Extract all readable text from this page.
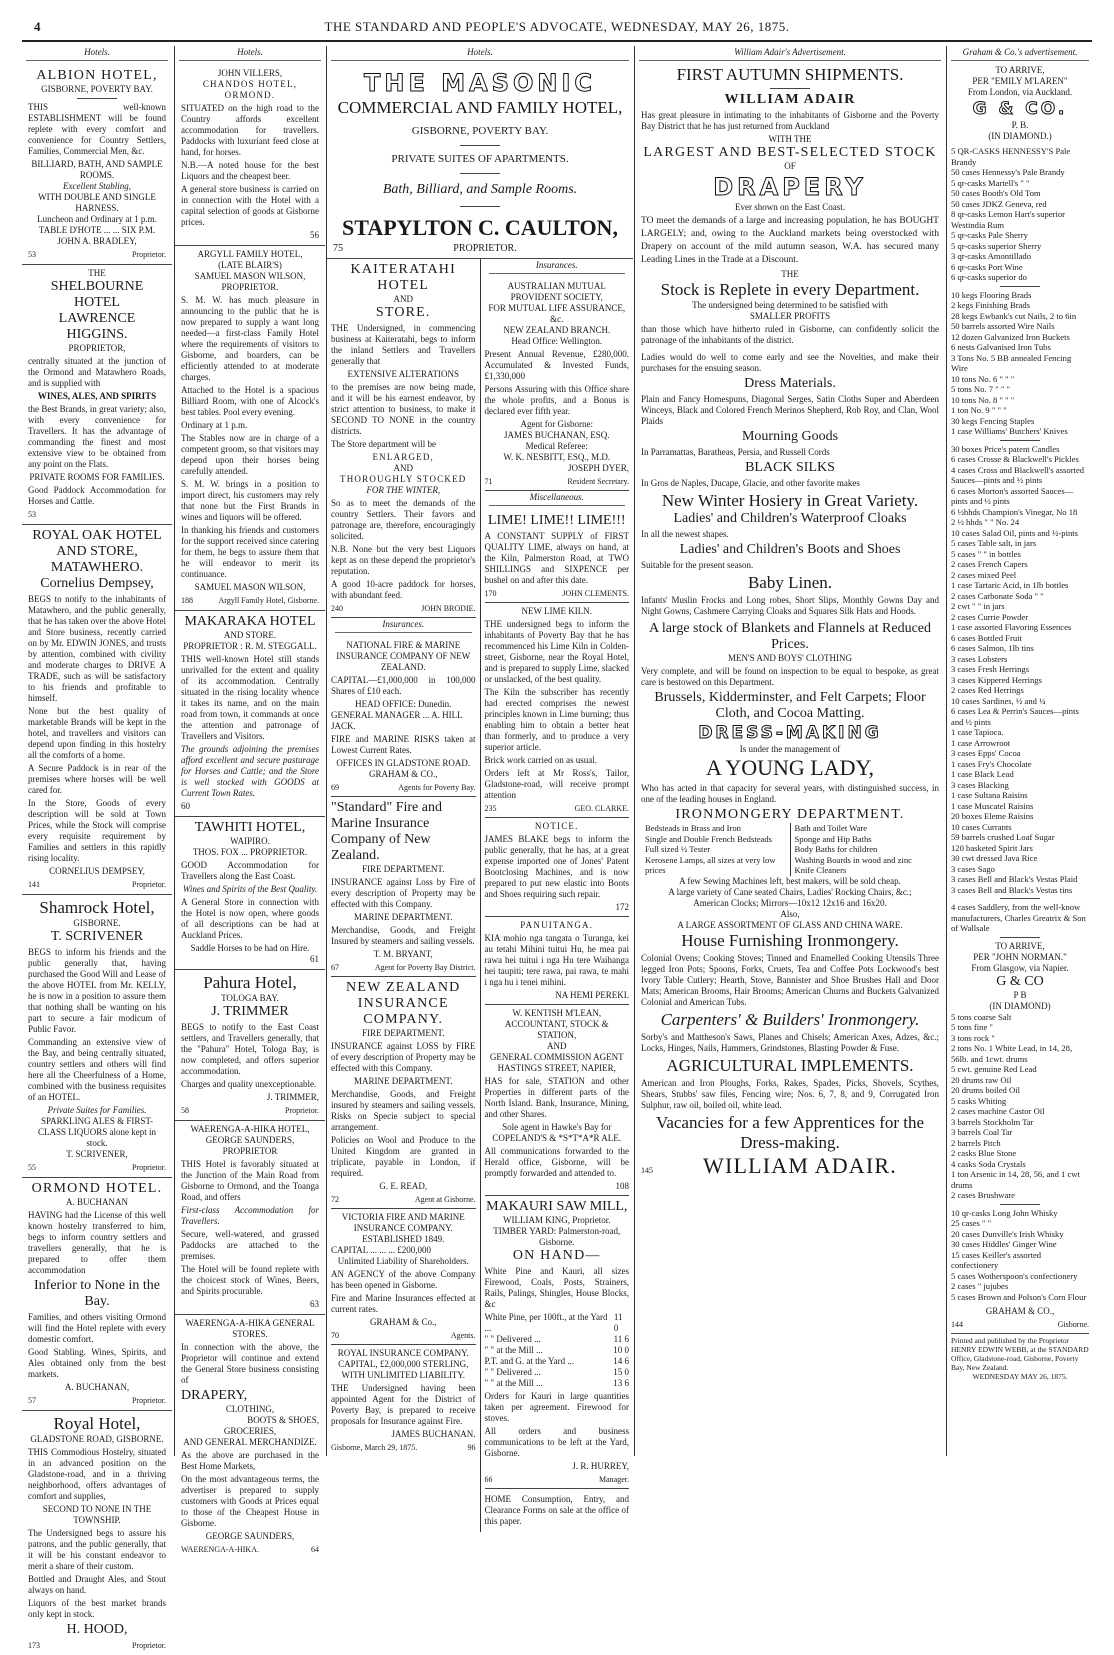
4	THE STANDARD AND PEOPLE'S ADVOCATE, WEDNESDAY, MAY 26, 1875.
Hotels.
ALBION HOTEL,
GISBORNE, POVERTY BAY.
THIS well-known ESTABLISHMENT will be found replete with every comfort and convenience for Country Settlers, Families, Commercial Men, &c.
BILLIARD, BATH, AND SAMPLE ROOMS.
Excellent Stabling,
WITH DOUBLE AND SINGLE HARNESS.
Luncheon and Ordinary at 1 p.m.
TABLE D'HOTE ... ... SIX P.M.
JOHN A. BRADLEY,
53	Proprietor.
THE
SHELBOURNE HOTEL
LAWRENCE HIGGINS.
PROPRIETOR,
centrally situated at the junction of the Ormond and Matawhero Roads, and is supplied with
WINES, ALES, AND SPIRITS
the Best Brands, in great variety; also, with every convenience for Travellers. It has the advantage of commanding the finest and most extensive view to be obtained from any point on the Flats.
PRIVATE ROOMS FOR FAMILIES.
Good Paddock Accommodation for Horses and Cattle.
53
ROYAL OAK HOTEL AND STORE, MATAWHERO.
Cornelius Dempsey,
BEGS to notify to the inhabitants of Matawhero, and the public generally, that he has taken over the above Hotel and Store business, recently carried on by Mr. EDWIN JONES, and trusts by attention, combined with civility and moderate charges to DRIVE A TRADE, such as will be satisfactory to his friends and profitable to himself.
None but the best quality of marketable Brands will be kept in the hotel, and travellers and visitors can depend upon finding in this hostelry all the comforts of a home.
A Secure Paddock is in rear of the premises where horses will be well cared for.
In the Store, Goods of every description will be sold at Town Prices, while the Stock will comprise every requisite requirement by Families and settlers in this rapidly rising locality.
CORNELIUS DEMPSEY,
141	Proprietor.
Shamrock Hotel,
GISBORNE.
T. SCRIVENER
BEGS to inform his friends and the public generally that, having purchased the Good Will and Lease of the above HOTEL from Mr. KELLY, he is now in a position to assure them that nothing shall be wanting on his part to secure a fair modicum of Public Favor.
Commanding an extensive view of the Bay, and being centrally situated, country settlers and others will find here all the Cheerfulness of a Home, combined with the business requisites of an HOTEL.
Private Suites for Families.
SPARKLING ALES & FIRST-CLASS LIQUORS alone kept in stock.
T. SCRIVENER,
55	Proprietor.
ORMOND HOTEL.
A. BUCHANAN
HAVING had the License of this well known hostelry transferred to him, begs to inform country settlers and travellers generally, that he is prepared to offer them accommodation
Inferior to None in the Bay.
Families, and others visiting Ormond will find the Hotel replete with every domestic comfort.
Good Stabling. Wines, Spirits, and Ales obtained only from the best markets.
A. BUCHANAN,
57	Proprietor.
Royal Hotel,
GLADSTONE ROAD, GISBORNE.
THIS Commodious Hostelry, situated in an advanced position on the Gladstone-road, and in a thriving neighborhood, offers advantages of comfort and supplies,
SECOND TO NONE IN THE TOWNSHIP.
The Undersigned begs to assure his patrons, and the public generally, that it will be his constant endeavor to merit a share of their custom.
Bottled and Draught Ales, and Stout always on hand.
Liquors of the best market brands only kept in stock.
H. HOOD,
173	Proprietor.
Hotels.
JOHN VILLERS,
CHANDOS HOTEL,
ORMOND.
SITUATED on the high road to the Country affords excellent accommodation for travellers. Paddocks with luxuriant feed close at hand, for horses.
N.B.—A noted house for the best Liquors and the cheapest beer.
A general store business is carried on in connection with the Hotel with a capital selection of goods at Gisborne prices.
56
ARGYLL FAMILY HOTEL,
(LATE BLAIR'S)
SAMUEL MASON WILSON,
PROPRIETOR.
S. M. W. has much pleasure in announcing to the public that he is now prepared to supply a want long needed—a first-class Family Hotel where the requirements of visitors to Gisborne, and boarders, can be efficiently attended to at moderate charges.
Attached to the Hotel is a spacious Billiard Room, with one of Alcock's best tables. Pool every evening.
Ordinary at 1 p.m.
The Stables now are in charge of a competent groom, so that visitors may depend upon their horses being carefully attended.
S. M. W. brings in a position to import direct, his customers may rely that none but the First Brands in wines and liquors will be offered.
In thanking his friends and customers for the support received since catering for them, he begs to assure them that he will endeavor to merit its continuance.
SAMUEL MASON WILSON,
188	Argyll Family Hotel, Gisborne.
MAKARAKA HOTEL
AND STORE.
PROPRIETOR : R. M. STEGGALL.
THIS well-known Hotel still stands unrivalled for the extent and quality of its accommodation. Centrally situated in the rising locality whence it takes its name, and on the main road from town, it commands at once the attention and patronage of Travellers and Visitors.
The grounds adjoining the premises afford excellent and secure pasturage for Horses and Cattle; and the Store is well stocked with GOODS at Current Town Rates.
60
TAWHITI HOTEL,
WAIPIRO.
THOS. FOX ... PROPRIETOR.
GOOD Accommodation for Travellers along the East Coast.
Wines and Spirits of the Best Quality.
A General Store in connection with the Hotel is now open, where goods of all descriptions can be had at Auckland Prices.
Saddle Horses to be had on Hire.
61
Pahura Hotel,
TOLOGA BAY.
J. TRIMMER
BEGS to notify to the East Coast settlers, and Travellers generally, that the "Pahura" Hotel, Tologa Bay, is now completed, and offers superior accommodation.
Charges and quality unexceptionable.
J. TRIMMER,
58	Proprietor.
WAERENGA-A-HIKA HOTEL,
GEORGE SAUNDERS, PROPRIETOR
THIS Hotel is favorably situated at the Junction of the Main Road from Gisborne to Ormond, and the Toanga Road, and offers
First-class Accommodation for Travellers.
Secure, well-watered, and grassed Paddocks are attached to the premises.
The Hotel will be found replete with the choicest stock of Wines, Beers, and Spirits procurable.
63
WAERENGA-A-HIKA GENERAL STORES.
In connection with the above, the Proprietor will continue and extend the General Store business consisting of
DRAPERY,
CLOTHING,
BOOTS & SHOES,
GROCERIES,
AND GENERAL MERCHANDIZE.
As the above are purchased in the Best Home Markets,
On the most advantageous terms, the advertiser is prepared to supply customers with Goods at Prices equal to those of the Cheapest House in Gisborne.
GEORGE SAUNDERS,
WAERENGA-A-HIKA.	64
Hotels.
THE MASONIC
COMMERCIAL AND FAMILY HOTEL,
GISBORNE, POVERTY BAY.
PRIVATE SUITES OF APARTMENTS.
Bath, Billiard, and Sample Rooms.
STAPYLTON C. CAULTON,
75	PROPRIETOR.
KAITERATAHI HOTEL
AND
STORE.
THE Undersigned, in commencing business at Kaiteratahi, begs to inform the inland Settlers and Travellers generally that
EXTENSIVE ALTERATIONS
to the premises are now being made, and it will be his earnest endeavor, by strict attention to business, to make it SECOND TO NONE in the country districts.
The Store department will be
ENLARGED,
AND
THOROUGHLY STOCKED
FOR THE WINTER,
So as to meet the demands of the country Settlers. Their favors and patronage are, therefore, encouragingly solicited.
N.B. None but the very best Liquors kept as on these depend the proprietor's reputation.
A good 10-acre paddock for horses, with abundant feed.
240	JOHN BRODIE.
Insurances.
NATIONAL FIRE & MARINE INSURANCE COMPANY OF NEW ZEALAND.
CAPITAL—£1,000,000 in 100,000 Shares of £10 each.
HEAD OFFICE: Dunedin.
GENERAL MANAGER ... A. HILL JACK.
FIRE and MARINE RISKS taken at Lowest Current Rates.
OFFICES IN GLADSTONE ROAD.
GRAHAM & CO.,
69	Agents for Poverty Bay.
"Standard" Fire and Marine Insurance Company of New Zealand.
FIRE DEPARTMENT.
INSURANCE against Loss by Fire of every description of Property may be effected with this Company.
MARINE DEPARTMENT.
Merchandise, Goods, and Freight Insured by steamers and sailing vessels.
T. M. BRYANT,
67	Agent for Poverty Bay District.
NEW ZEALAND INSURANCE COMPANY.
FIRE DEPARTMENT.
INSURANCE against LOSS by FIRE of every description of Property may be effected with this Company.
MARINE DEPARTMENT.
Merchandise, Goods, and Freight insured by steamers and sailing vessels. Risks on Specie subject to special arrangement.
Policies on Wool and Produce to the United Kingdom are granted in triplicate, payable in London, if required.
G. E. READ,
72	Agent at Gisborne.
VICTORIA FIRE AND MARINE INSURANCE COMPANY.
ESTABLISHED 1849.
CAPITAL ... ... ... £200,000
Unlimited Liability of Shareholders.
AN AGENCY of the above Company has been opened in Gisborne.
Fire and Marine Insurances effected at current rates.
GRAHAM & Co.,
70	Agents.
ROYAL INSURANCE COMPANY.
CAPITAL, £2,000,000 STERLING, WITH UNLIMITED LIABILITY.
THE Undersigned having been appointed Agent for the District of Poverty Bay, is prepared to receive proposals for Insurance against Fire.
JAMES BUCHANAN.
Gisborne, March 29, 1875.	96
Insurances.
AUSTRALIAN MUTUAL PROVIDENT SOCIETY,
FOR MUTUAL LIFE ASSURANCE, &c.
NEW ZEALAND BRANCH.
Head Office: Wellington.
Present Annual Revenue, £280,000. Accumulated & Invested Funds, £1,330,000
Persons Assuring with this Office share the whole profits, and a Bonus is declared ever fifth year.
Agent for Gisborne:
JAMES BUCHANAN, ESQ.
Medical Referee:
W. K. NESBITT, ESQ., M.D.
JOSEPH DYER,
71	Resident Secretary.
Miscellaneous.
LIME! LIME!! LIME!!!
A CONSTANT SUPPLY of FIRST QUALITY LIME, always on hand, at the Kiln, Palmerston Road, at TWO SHILLINGS and SIXPENCE per bushel on and after this date.
170	JOHN CLEMENTS.
NEW LIME KILN.
THE undersigned begs to inform the inhabitants of Poverty Bay that he has recommenced his Lime Kiln in Colden-street, Gisborne, near the Royal Hotel, and is prepared to supply Lime, slacked or unslacked, of the best quality.
The Kiln the subscriber has recently had erected comprises the newest principles known in Lime burning; thus enabling him to obtain a better heat than formerly, and to produce a very superior article.
Brick work carried on as usual.
Orders left at Mr Ross's, Tailor, Gladstone-road, will receive prompt attention
235	GEO. CLARKE.
NOTICE.
JAMES BLAKE begs to inform the public generally, that he has, at a great expense imported one of Jones' Patent Bootclosing Machines, and is now prepared to put new elastic into Boots and Shoes requiring such repair.
172
PANUITANGA.
KIA mohio nga tangata o Turanga, kei au tetahi Mihini tuitui Hu, he mea pai rawa hei tuitui i nga Hu tere Waihanga hei taupiti; tere rawa, pai rawa, te mahi i nga hu i tenei mihini.
NA HEMI PEREKI.
W. KENTISH M'LEAN,
ACCOUNTANT, STOCK & STATION,
AND
GENERAL COMMISSION AGENT
HASTINGS STREET, NAPIER,
HAS for sale, STATION and other Properties in different parts of the North Island. Bank, Insurance, Mining, and other Shares.
Sole agent in Hawke's Bay for
COPELAND'S & *S*T*A*R ALE.
All communications forwarded to the Herald office, Gisborne, will be promptly forwarded and attended to.
108
MAKAURI SAW MILL,
WILLIAM KING, Proprietor.
TIMBER YARD: Palmerston-road, Gisborne.
ON HAND—
White Pine and Kauri, all sizes Firewood, Coals, Posts, Strainers, Rails, Palings, Shingles, House Blocks, &c
White Pine, per 100ft., at the Yard ...
11 0
" " Delivered ...	11 6
" " at the Mill ...	10 0
P.T. and G. at the Yard ...	14 6
" " Delivered ...	15 0
" " at the Mill ...	13 6
Orders for Kauri in large quantities taken per agreement. Firewood for stoves.
All orders and business communications to be left at the Yard, Gisborne.
J. R. HURREY,
66	Manager.
HOME Consumption, Entry, and Clearance Forms on sale at the office of this paper.
William Adair's Advertisement.
FIRST AUTUMN SHIPMENTS.
WILLIAM ADAIR
Has great pleasure in intimating to the inhabitants of Gisborne and the Poverty Bay District that he has just returned from Auckland
WITH THE
LARGEST AND BEST-SELECTED STOCK
OF
DRAPERY
Ever shown on the East Coast.
TO meet the demands of a large and increasing population, he has BOUGHT LARGELY; and, owing to the Auckland markets being overstocked with Drapery on account of the mild autumn season, W.A. has secured many Leading Lines in the Trade at a Discount.
THE
Stock is Replete in every Department.
The undersigned being determined to be satisfied with
SMALLER PROFITS
than those which have hitherto ruled in Gisborne, can confidently solicit the patronage of the inhabitants of the district.
Ladies would do well to come early and see the Novelties, and make their purchases for the ensuing season.
Dress Materials.
Plain and Fancy Homespuns, Diagonal Serges, Satin Cloths Super and Aberdeen Winceys, Black and Colored French Merinos Shepherd, Rob Roy, and Clan, Wool Plaids
Mourning Goods
In Parramattas, Baratheas, Persia, and Russell Cords
BLACK SILKS
In Gros de Naples, Ducape, Glacie, and other favorite makes
New Winter Hosiery in Great Variety.
Ladies' and Children's Waterproof Cloaks
In all the newest shapes.
Ladies' and Children's Boots and Shoes
Suitable for the present season.
Baby Linen.
Infants' Muslin Frocks and Long robes, Short Slips, Monthly Gowns Day and Night Gowns, Cashmere Carrying Cloaks and Squares Silk Hats and Hoods.
A large stock of Blankets and Flannels at Reduced Prices.
MEN'S AND BOYS' CLOTHING
Very complete, and will be found on inspection to be equal to bespoke, as great care is bestowed on this Department.
Brussels, Kidderminster, and Felt Carpets; Floor Cloth, and Cocoa Matting.
DRESS-MAKING
Is under the management of
A YOUNG LADY,
Who has acted in that capacity for several years, with distinguished success, in one of the leading houses in England.
IRONMONGERY DEPARTMENT.
Bedsteads in Brass and Iron
Single and Double French Bedsteads
Full sized ½ Tester
Kerosene Lamps, all sizes at very low prices
Bath and Toilet Ware
Sponge and Hip Baths
Body Baths for children
Washing Boards in wood and zinc
Knife Cleaners
A few Sewing Machines left, best makers, will be sold cheap.
A large variety of Cane seated Chairs, Ladies' Rocking Chairs, &c.;
American Clocks; Mirrors—10x12 12x16 and 16x20.
Also,
A LARGE ASSORTMENT OF GLASS AND CHINA WARE.
House Furnishing Ironmongery.
Colonial Ovens; Cooking Stoves; Tinned and Enamelled Cooking Utensils Three legged Iron Pots; Spoons, Forks, Cruets, Tea and Coffee Pots Lockwood's best Ivory Table Cutlery; Hearth, Stove, Bannister and Shoe Brushes Hall and Door Mats; American Brooms, Hair Brooms; American Churns and Buckets Galvanized Colonial and American Tubs.
Carpenters' & Builders' Ironmongery.
Sorby's and Mattheson's Saws, Planes and Chisels; American Axes, Adzes, &c.; Locks, Hinges, Nails, Hammers, Grindstones, Blasting Powder & Fuse.
AGRICULTURAL IMPLEMENTS.
American and Iron Ploughs, Forks, Rakes, Spades, Picks, Shovels, Scythes, Shears, Stubbs' saw files, Fencing wire; Nos. 6, 7, 8, and 9, Corrugated Iron Sulphur, raw oil, boiled oil, white lead.
Vacancies for a few Apprentices for the Dress-making.
145	WILLIAM ADAIR.
Graham & Co.'s advertisement.
TO ARRIVE,
PER "EMILY M'LAREN"
From London, via Auckland.
G & CO.
P. B.
(IN DIAMOND.)
5 QR-CASKS HENNESSY'S Pale Brandy
50 cases Hennessy's Pale Brandy
5 qr-casks Martell's " "
50 cases Booth's Old Tom
50 cases JDKZ Geneva, red
8 qr-casks Lemon Hart's superior Westindia Rum
5 qr-casks Pale Sherry
5 qr-casks superior Sherry
3 qr-casks Amontillado
6 qr-casks Port Wine
6 qr-casks superior do
10 kegs Flooring Brads
2 kegs Finishing Brads
28 kegs Ewbank's cut Nails, 2 to 6in
50 barrels assorted Wire Nails
12 dozen Galvanized Iron Buckets
6 nests Galvanised Iron Tubs
3 Tons No. 5 BB annealed Fencing Wire
10 tons No. 6 " " "
5 tons No. 7 " " "
10 tons No. 8 " " "
1 ton No. 9 " " "
30 kegs Fencing Staples
1 case Williams' Butchers' Knives
30 boxes Price's patent Candles
6 cases Crosse & Blackwell's Pickles
4 cases Cross and Blackwell's assorted Sauces—pints and ½ pints
6 cases Morton's assorted Sauces—pints and ½ pints
6 ½hhds Champion's Vinegar, No 18
2 ½ hhds " " No. 24
10 cases Salad Oil, pints and ½-pints
5 cases Table salt, in jars
5 cases " " in bottles
2 cases French Capers
2 cases mixed Peel
1 case Tartaric Acid, in 1lb bottles
2 cases Carbonate Soda " "
2 cwt " " in jars
2 cases Currie Powder
1 case assorted Flavoring Essences
6 cases Bottled Fruit
6 cases Salmon, 1lb tins
3 cases Lobsters
3 cases Fresh Herrings
3 cases Kippered Herrings
2 cases Red Herrings
10 cases Sardines, ½ and ¼
6 cases Lea & Perrin's Sauces—pints and ½ pints
1 case Tapioca.
1 case Arrowroot
3 cases Epps' Cocoa
1 cases Fry's Chocolate
1 case Black Lead
3 cases Blacking
1 case Sultana Raisins
1 case Muscatel Raisins
20 boxes Eleme Raisins
10 cases Currants
59 barrels crushed Loaf Sugar
120 basketed Spirit Jars
30 cwt dressed Java Rice
3 cases Sago
3 cases Bell and Black's Vestas Plaid
3 cases Bell and Black's Vestas tins
4 cases Saddlery, from the well-know manufacturers, Charles Greatrix & Son of Wallsale
TO ARRIVE,
PER "JOHN NORMAN."
From Glasgow, via Napier.
G & CO
P B
(IN DIAMOND)
5 tons coarse Salt
5 tons fine "
3 tons rock "
2 tons No. 1 White Lead, in 14, 28, 56lb. and 1cwt. drums
5 cwt. genuine Red Lead
20 drums raw Oil
20 drums boiled Oil
5 casks Whiting
2 cases machine Castor Oil
3 barrels Stockholm Tar
3 barrels Coal Tar
2 barrels Pitch
2 casks Blue Stone
4 casks Soda Crystals
1 ton Arsenic in 14, 28, 56, and 1 cwt drums
2 cases Brushware
10 qr-casks Long John Whisky
25 cases " "
20 cases Dunville's Irish Whisky
30 cases Hiddles' Ginger Wine
15 cases Keiller's assorted confectionery
5 cases Wotherspoon's confectionery
2 cases " jujubes
5 cases Brown and Polson's Corn Flour
GRAHAM & CO.,
144	Gisborne.
Printed and published by the Proprietor HENRY EDWIN WEBB, at the STANDARD Office, Gladstone-road, Gisborne, Poverty Bay, New Zealand.
WEDNESDAY MAY 26, 1875.
